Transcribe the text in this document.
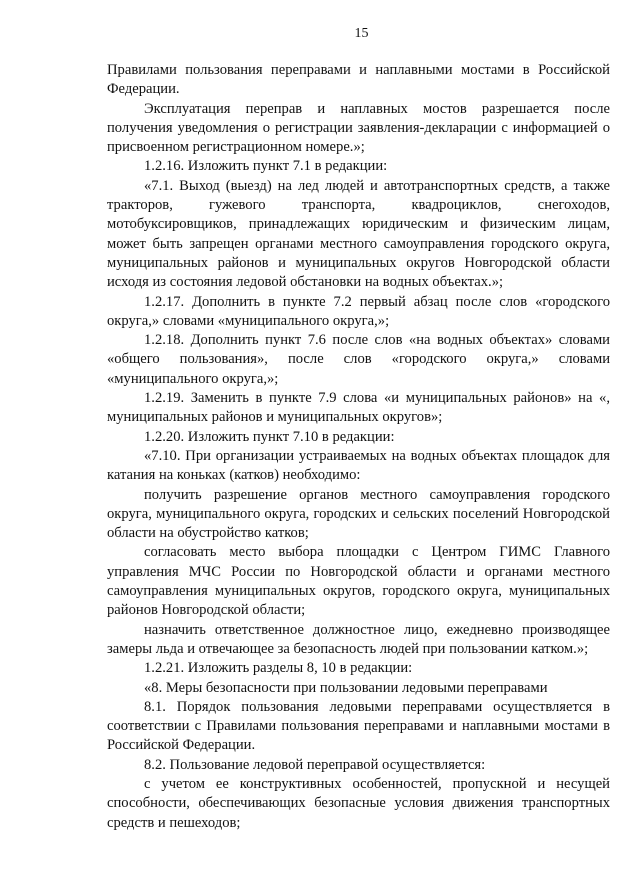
15

Правилами пользования переправами и наплавными мостами в Российской Федерации.

Эксплуатация переправ и наплавных мостов разрешается после получения уведомления о регистрации заявления-декларации с информацией о присвоенном регистрационном номере.»;

1.2.16. Изложить пункт 7.1 в редакции:

«7.1. Выход (выезд) на лед людей и автотранспортных средств, а также тракторов, гужевого транспорта, квадроциклов, снегоходов, мотобуксировщиков, принадлежащих юридическим и физическим лицам, может быть запрещен органами местного самоуправления городского округа, муниципальных районов и муниципальных округов Новгородской области исходя из состояния ледовой обстановки на водных объектах.»;

1.2.17. Дополнить в пункте 7.2 первый абзац после слов «городского округа,» словами «муниципального округа,»;

1.2.18. Дополнить пункт 7.6 после слов «на водных объектах» словами «общего пользования», после слов «городского округа,» словами «муниципального округа,»;

1.2.19. Заменить в пункте 7.9 слова «и муниципальных районов» на «, муниципальных районов и муниципальных округов»;

1.2.20. Изложить пункт 7.10 в редакции:

«7.10. При организации устраиваемых на водных объектах площадок для катания на коньках (катков) необходимо:

получить разрешение органов местного самоуправления городского округа, муниципального округа, городских и сельских поселений Новгородской области на обустройство катков;

согласовать место выбора площадки с Центром ГИМС Главного управления МЧС России по Новгородской области и органами местного самоуправления муниципальных округов, городского округа, муниципальных районов Новгородской области;

назначить ответственное должностное лицо, ежедневно производящее замеры льда и отвечающее за безопасность людей при пользовании катком.»;

1.2.21. Изложить разделы 8, 10 в редакции:

«8. Меры безопасности при пользовании ледовыми переправами

8.1. Порядок пользования ледовыми переправами осуществляется в соответствии с Правилами пользования переправами и наплавными мостами в Российской Федерации.

8.2. Пользование ледовой переправой осуществляется:

с учетом ее конструктивных особенностей, пропускной и несущей способности, обеспечивающих безопасные условия движения транспортных средств и пешеходов;
